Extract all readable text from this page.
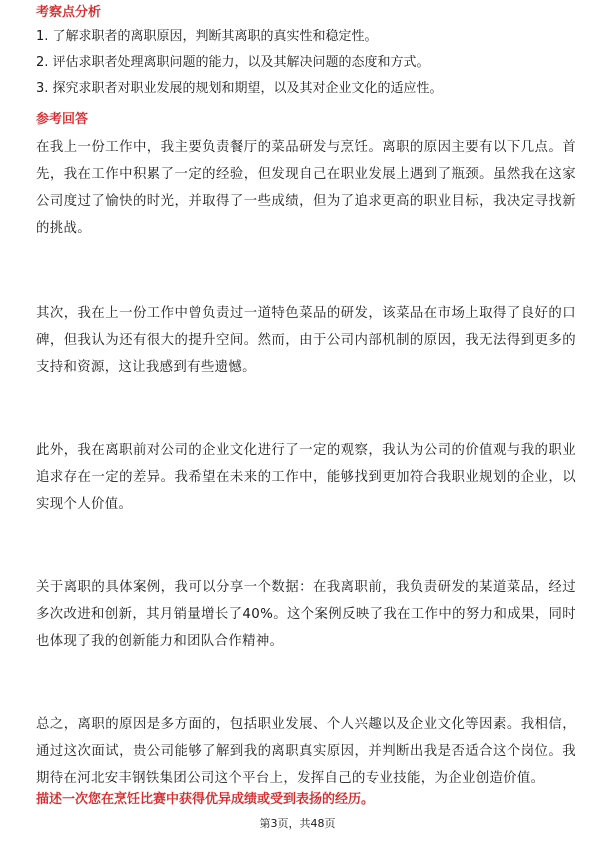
考察点分析
1. 了解求职者的离职原因，判断其离职的真实性和稳定性。
2. 评估求职者处理离职问题的能力，以及其解决问题的态度和方式。
3. 探究求职者对职业发展的规划和期望，以及其对企业文化的适应性。
参考回答
在我上一份工作中，我主要负责餐厅的菜品研发与烹饪。离职的原因主要有以下几点。首先，我在工作中积累了一定的经验，但发现自己在职业发展上遇到了瓶颈。虽然我在这家公司度过了愉快的时光，并取得了一些成绩，但为了追求更高的职业目标，我决定寻找新的挑战。
其次，我在上一份工作中曾负责过一道特色菜品的研发，该菜品在市场上取得了良好的口碑，但我认为还有很大的提升空间。然而，由于公司内部机制的原因，我无法得到更多的支持和资源，这让我感到有些遗憾。
此外，我在离职前对公司的企业文化进行了一定的观察，我认为公司的价值观与我的职业追求存在一定的差异。我希望在未来的工作中，能够找到更加符合我职业规划的企业，以实现个人价值。
关于离职的具体案例，我可以分享一个数据：在我离职前，我负责研发的某道菜品，经过多次改进和创新，其月销量增长了40%。这个案例反映了我在工作中的努力和成果，同时也体现了我的创新能力和团队合作精神。
总之，离职的原因是多方面的，包括职业发展、个人兴趣以及企业文化等因素。我相信，通过这次面试，贵公司能够了解到我的离职真实原因，并判断出我是否适合这个岗位。我期待在河北安丰钢铁集团公司这个平台上，发挥自己的专业技能，为企业创造价值。
描述一次您在烹饪比赛中获得优异成绩或受到表扬的经历。
第3页，共48页
